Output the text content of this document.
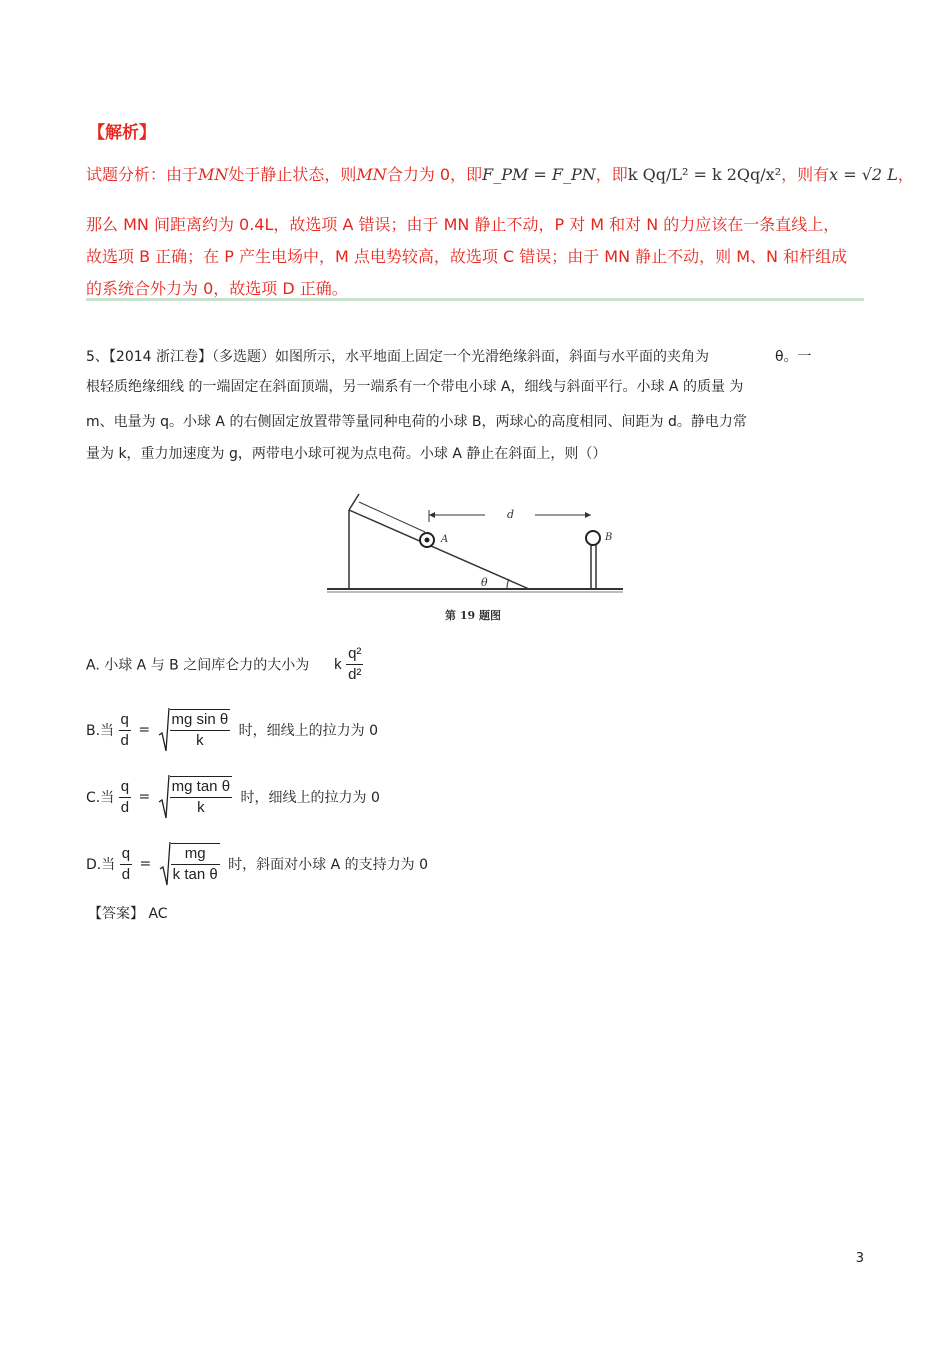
【解析】
试题分析：由于MN处于静止状态，则MN合力为 0，即F_PM = F_PN，即k Qq/L² = k 2Qq/x²，则有x = √2 L，
那么 MN 间距离约为 0.4L，故选项 A 错误；由于 MN 静止不动，P 对 M 和对 N 的力应该在一条直线上，
故选项 B 正确；在 P 产生电场中，M 点电势较高，故选项 C 错误；由于 MN 静止不动，则 M、N 和杆组成
的系统合外力为 0，故选项 D 正确。
5、【2014 浙江卷】（多选题）如图所示，水平地面上固定一个光滑绝缘斜面，斜面与水平面的夹角为	θ。一
根轻质绝缘细线 的一端固定在斜面顶端，另一端系有一个带电小球 A，细线与斜面平行。小球 A 的质量 为
m、电量为 q。小球 A 的右侧固定放置带等量同种电荷的小球 B，两球心的高度相同、间距为 d。静电力常
量为 k，重力加速度为 g，两带电小球可视为点电荷。小球 A 静止在斜面上，则（）
A	B
d
θ
第 19 题图
A. 小球 A 与 B 之间库仑力的大小为 k $\frac{\text{q²}}{\text{d²}}$
B.当 $\frac{q}{d} = \frac{\text{mg sin θ}}{k}$ 时，细线上的拉力为 0
C.当 $\frac{q}{d} = \frac{\text{mg tan θ}}{k}$ 时，细线上的拉力为 0
D.当 $\frac{q}{d} = \frac{mg}{\text{k tan θ}}$ 时，斜面对小球 A 的支持力为 0
【答案】 AC
3
